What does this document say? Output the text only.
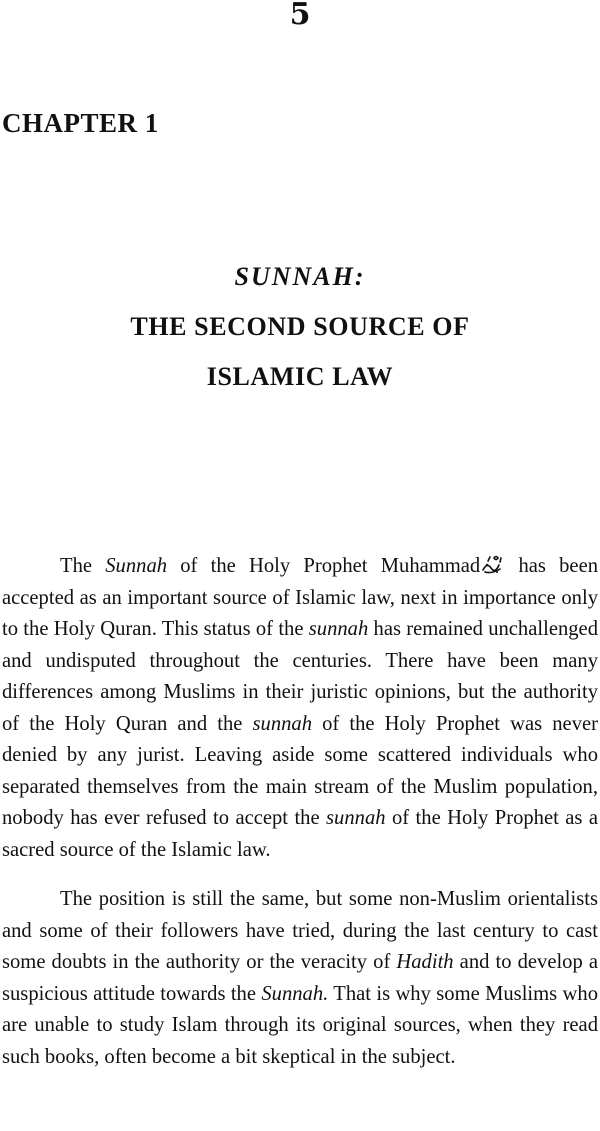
5
CHAPTER 1
SUNNAH:
THE SECOND SOURCE OF
ISLAMIC LAW

The Sunnah of the Holy Prophet Muhammad
has been accepted as an important source of Islamic law, next in importance only to the Holy Quran. This status of the sunnah has remained unchallenged and undisputed throughout the centuries. There have been many differences among Muslims in their juristic opinions, but the authority of the Holy Quran and the sunnah of the Holy Prophet was never denied by any jurist. Leaving aside some scattered individuals who separated themselves from the main stream of the Muslim population, nobody has ever refused to accept the sunnah of the Holy Prophet as a sacred source of the Islamic law.

The position is still the same, but some non-Muslim orientalists and some of their followers have tried, during the last century to cast some doubts in the authority or the veracity of Hadith and to develop a suspicious attitude towards the Sunnah. That is why some Muslims who are unable to study Islam through its original sources, when they read such books, often become a bit skeptical in the subject.
